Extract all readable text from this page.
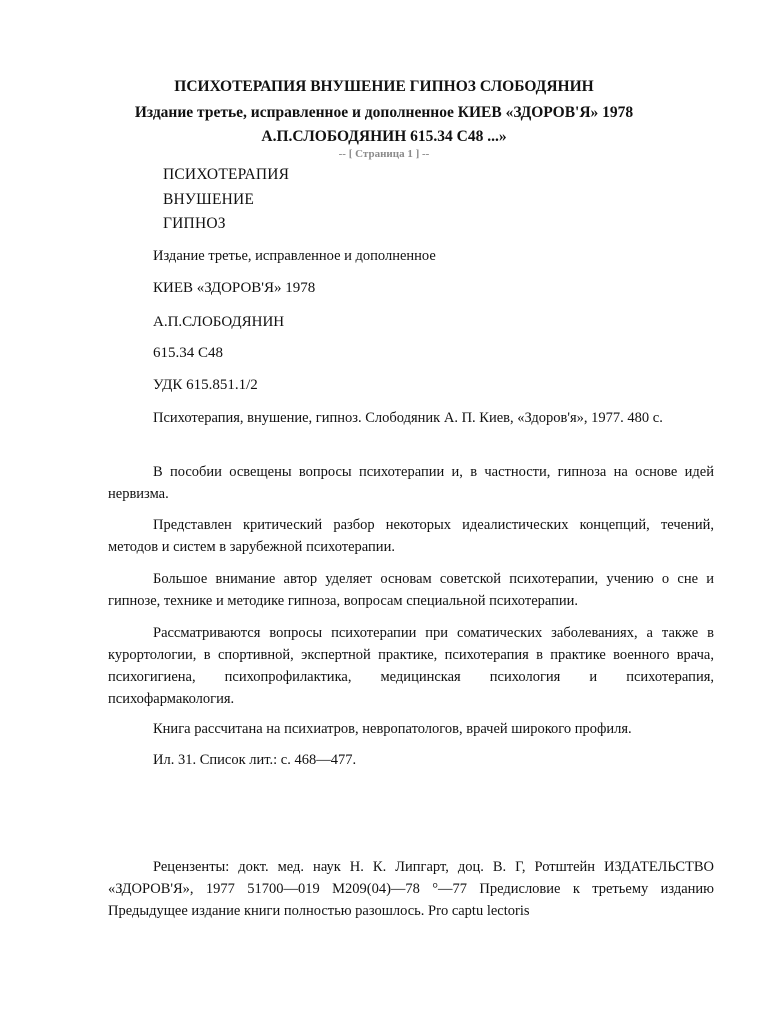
ПСИХОТЕРАПИЯ ВНУШЕНИЕ ГИПНОЗ СЛОБОДЯНИН
Издание третье, исправленное и дополненное КИЕВ «ЗДОРОВ'Я» 1978
А.П.СЛОБОДЯНИН 615.34 С48 ...»
-- [ Страница 1 ] --
ПСИХОТЕРАПИЯ
ВНУШЕНИЕ
ГИПНОЗ
Издание третье, исправленное и дополненное
КИЕВ «ЗДОРОВ'Я» 1978
А.П.СЛОБОДЯНИН
615.34 С48
УДК 615.851.1/2

Психотерапия, внушение, гипноз. Слободяник А. П. Киев, «Здоров'я», 1977. 480 с.

В пособии освещены вопросы психотерапии и, в частности, гипноза на основе идей нервизма.

Представлен критический разбор некоторых идеалистических концепций, течений, методов и систем в зарубежной психотерапии.

Большое внимание автор уделяет основам советской психотерапии, учению о сне и гипнозе, технике и методике гипноза, вопросам специальной психотерапии.

Рассматриваются вопросы психотерапии при соматических заболеваниях, а также в курортологии, в спортивной, экспертной практике, психотерапия в практике военного врача, психогигиена, психопрофилактика, медицинская психология и психотерапия, психофармакология.

Книга рассчитана на психиатров, невропатологов, врачей широкого профиля.

Ил. 31. Список лит.: с. 468—477.

Рецензенты: докт. мед. наук Н. К. Липгарт, доц. В. Г, Ротштейн ИЗДАТЕЛЬСТВО «ЗДОРОВ'Я», 1977 51700—019 М209(04)—78 °—77 Предисловие к третьему изданию Предыдущее издание книги полностью разошлось. Pro captu lectoris
